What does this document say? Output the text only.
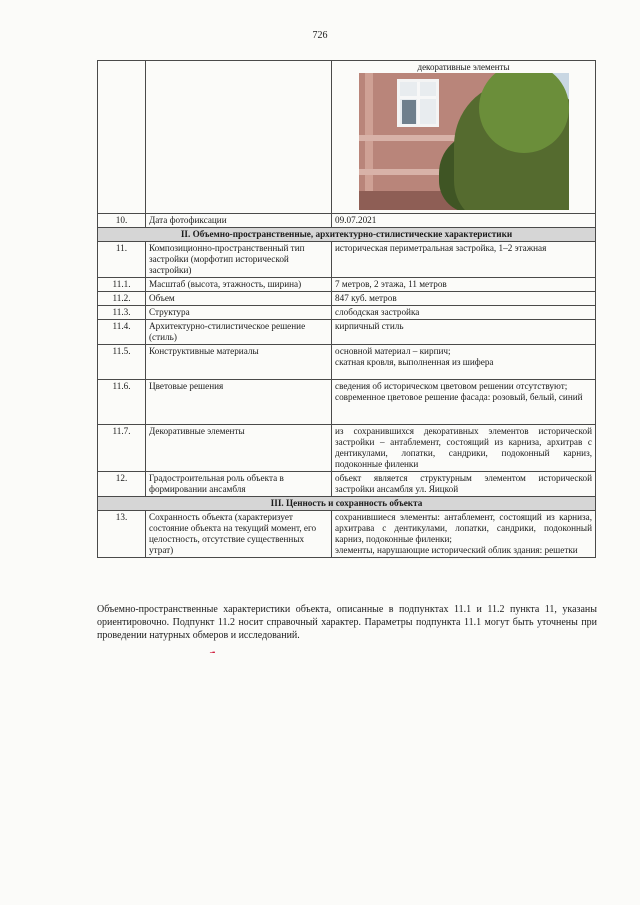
726

		декоративные элементы

10.	Дата фотофиксации	09.07.2021
II. Объемно-пространственные, архитектурно-стилистические характеристики		
11.	Композиционно-пространственный тип застройки (морфотип исторической застройки)	историческая периметральная застройка, 1–2 этажная
11.1.	Масштаб (высота, этажность, ширина)	7 метров, 2 этажа, 11 метров
11.2.	Объем	847 куб. метров
11.3.	Структура	слободская застройка
11.4.	Архитектурно-стилистическое решение (стиль)	кирпичный стиль
11.5.	Конструктивные материалы	основной материал – кирпич;
скатная кровля, выполненная из шифера

11.6.	Цветовые решения	сведения об историческом цветовом решении отсутствуют;
современное цветовое решение фасада: розовый, белый, синий

11.7.	Декоративные элементы	из сохранившихся декоративных элементов исторической застройки – антаблемент, состоящий из карниза, архитрав с дентикулами, лопатки, сандрики, подоконный карниз, подоконные филенки
12.	Градостроительная роль объекта в формировании ансамбля	объект является структурным элементом исторической застройки ансамбля ул. Яицкой
III. Ценность и сохранность объекта		
13.	Сохранность объекта (характеризует состояние объекта на текущий момент, его целостность, отсутствие существенных утрат)	сохранившиеся элементы: антаблемент, состоящий из карниза, архитрава с дентикулами, лопатки, сандрики, подоконный карниз, подоконные филенки;
элементы, нарушающие исторический облик здания: решетки
Объемно-пространственные характеристики объекта, описанные в подпунктах 11.1 и 11.2 пункта 11, указаны ориентировочно. Подпункт 11.2 носит справочный характер. Параметры подпункта 11.1 могут быть уточнены при проведении натурных обмеров и исследований.
╼
